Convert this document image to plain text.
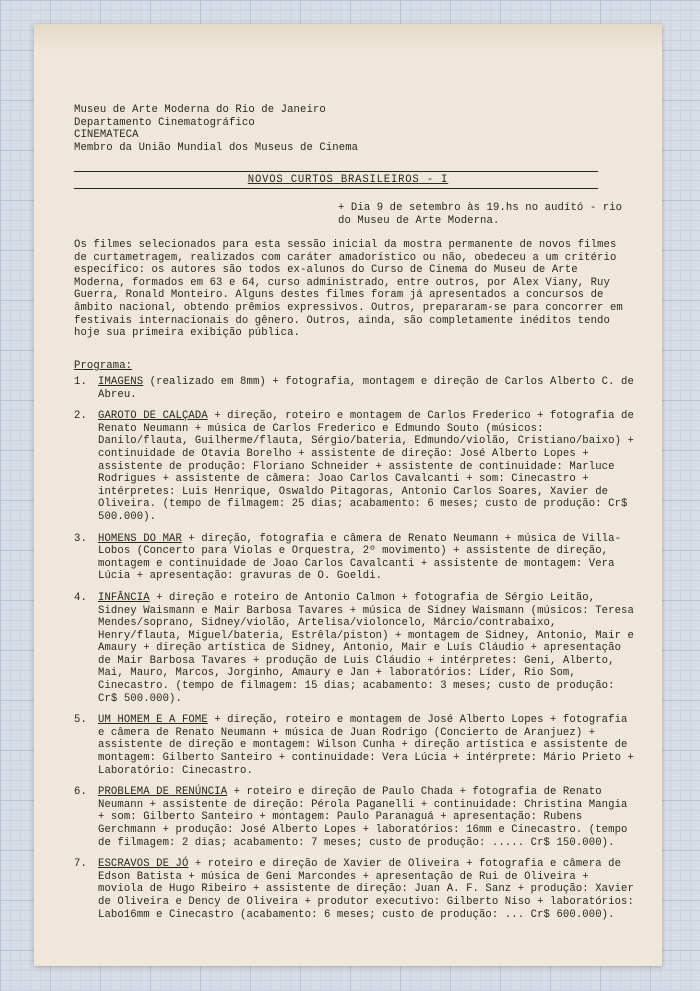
Museu de Arte Moderna do Rio de Janeiro
Departamento Cinematográfico
CINEMATECA
Membro da União Mundial dos Museus de Cinema
NOVOS CURTOS BRASILEIROS - I
+ Dia 9 de setembro às 19.hs no audító - rio do Museu de Arte Moderna.
Os filmes selecionados para esta sessão inicial da mostra permanente de novos filmes de curtametragem, realizados com caráter amadorístico ou não, obedeceu a um critério específico: os autores são todos ex-alunos do Curso de Cinema do Museu de Arte Moderna, formados em 63 e 64, curso administrado, entre outros, por Alex Viany, Ruy Guerra, Ronald Monteiro. Alguns destes filmes foram já apresentados a concursos de âmbito nacional, obtendo prêmios expressivos. Outros, prepararam-se para concorrer em festivais internacionais do gênero. Outros, ainda, são completamente inéditos tendo hoje sua primeira exibição pública.
Programa:
1.	IMAGENS (realizado em 8mm) + fotografia, montagem e direção de Carlos Alberto C. de Abreu.
2.	GAROTO DE CALÇADA + direção, roteiro e montagem de Carlos Frederico + fotografia de Renato Neumann + música de Carlos Frederico e Edmundo Souto (músicos: Danilo/flauta, Guilherme/flauta, Sérgio/bateria, Edmundo/violão, Cristiano/baixo) + continuidade de Otavia Borelho + assistente de direção: José Alberto Lopes + assistente de produção: Floriano Schneider + assistente de continuidade: Marluce Rodrigues + assistente de câmera: Joao Carlos Cavalcanti + som: Cinecastro + intérpretes: Luis Henrique, Oswaldo Pitagoras, Antonio Carlos Soares, Xavier de Oliveira. (tempo de filmagem: 25 dias; acabamento: 6 meses; custo de produção: Cr$ 500.000).
3.	HOMENS DO MAR + direção, fotografia e câmera de Renato Neumann + música de Villa-Lobos (Concerto para Violas e Orquestra, 2º movimento) + assistente de direção, montagem e continuidade de Joao Carlos Cavalcanti + assistente de montagem: Vera Lúcia + apresentação: gravuras de O. Goeldi.
4.	INFÂNCIA + direção e roteiro de Antonio Calmon + fotografia de Sérgio Leitão, Sidney Waismann e Mair Barbosa Tavares + música de Sidney Waismann (músicos: Teresa Mendes/soprano, Sidney/violão, Artelisa/violoncelo, Márcio/contrabaixo, Henry/flauta, Miguel/bateria, Estrêla/piston) + montagem de Sidney, Antonio, Mair e Amaury + direção artística de Sidney, Antonio, Mair e Luís Cláudio + apresentação de Mair Barbosa Tavares + produção de Luis Cláudio + intérpretes: Geni, Alberto, Mai, Mauro, Marcos, Jorginho, Amaury e Jan + laboratórios: Líder, Rio Som, Cinecastro. (tempo de filmagem: 15 dias; acabamento: 3 meses; custo de produção: Cr$ 500.000).
5.	UM HOMEM E A FOME + direção, roteiro e montagem de José Alberto Lopes + fotografia e câmera de Renato Neumann + música de Juan Rodrigo (Concierto de Aranjuez) + assistente de direção e montagem: Wilson Cunha + direção artística e assistente de montagem: Gilberto Santeiro + continuidade: Vera Lúcia + intérprete: Mário Prieto + Laboratório: Cinecastro.
6.	PROBLEMA DE RENÚNCIA + roteiro e direção de Paulo Chada + fotografia de Renato Neumann + assistente de direção: Pérola Paganelli + continuidade: Christina Mangia + som: Gilberto Santeiro + montagem: Paulo Paranaguá + apresentação: Rubens Gerchmann + produção: José Alberto Lopes + laboratórios: 16mm e Cinecastro. (tempo de filmagem: 2 dias; acabamento: 7 meses; custo de produção: ..... Cr$ 150.000).
7.	ESCRAVOS DE JÓ + roteiro e direção de Xavier de Oliveira + fotografia e câmera de Edson Batista + música de Geni Marcondes + apresentação de Rui de Oliveira + moviola de Hugo Ribeiro + assistente de direção: Juan A. F. Sanz + produção: Xavier de Oliveira e Dency de Oliveira + produtor executivo: Gilberto Niso + laboratórios: Labo16mm e Cinecastro (acabamento: 6 meses; custo de produção: ... Cr$ 600.000).
